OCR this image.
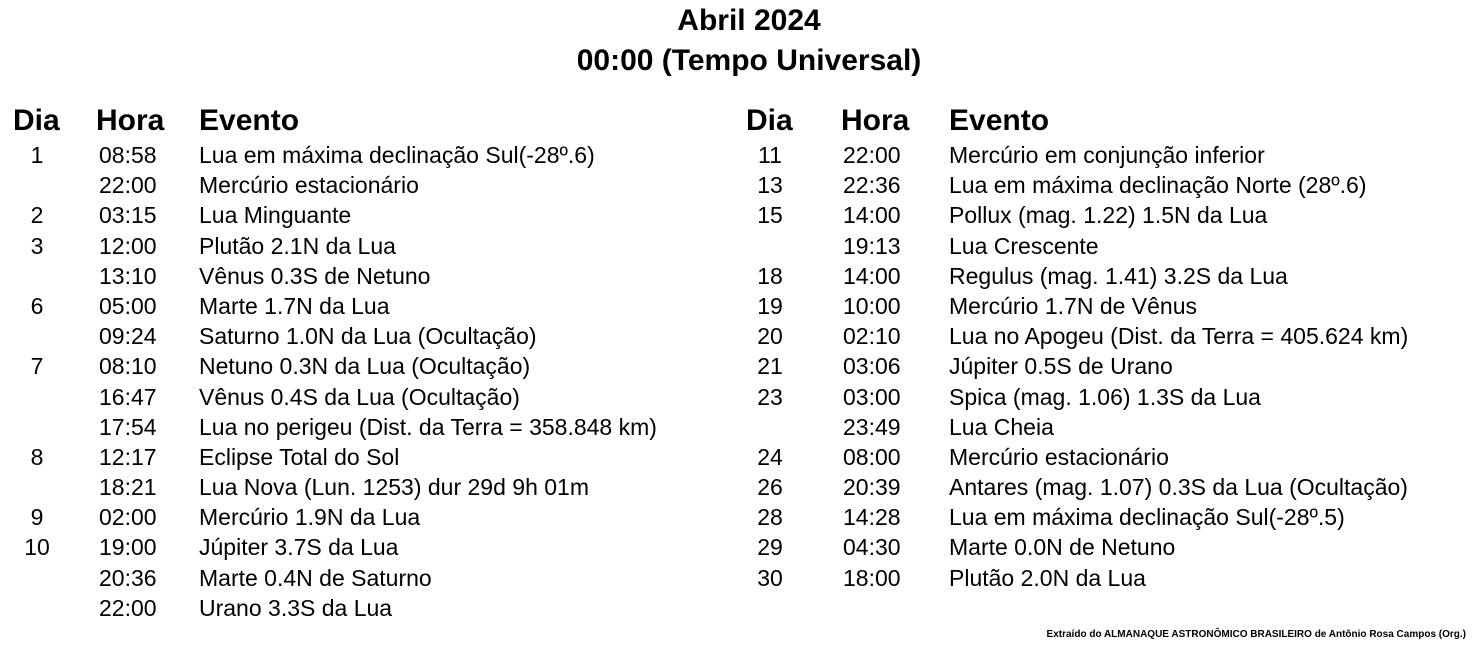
Abril 2024
00:00 (Tempo Universal)
Dia Hora Evento	Dia Hora Evento
1	08:58 Lua em máxima declinação Sul(-28º.6)
22:00 Mercúrio estacionário
2	03:15 Lua Minguante
3	12:00 Plutão 2.1N da Lua
13:10 Vênus 0.3S de Netuno
6	05:00 Marte 1.7N da Lua
09:24 Saturno 1.0N da Lua (Ocultação)
7	08:10 Netuno 0.3N da Lua (Ocultação)
16:47 Vênus 0.4S da Lua (Ocultação)
17:54 Lua no perigeu (Dist. da Terra = 358.848 km)
8	12:17 Eclipse Total do Sol
18:21 Lua Nova (Lun. 1253) dur 29d 9h 01m
9	02:00 Mercúrio 1.9N da Lua
10	19:00 Júpiter 3.7S da Lua
20:36 Marte 0.4N de Saturno
22:00 Urano 3.3S da Lua
11	22:00 Mercúrio em conjunção inferior
13	22:36 Lua em máxima declinação Norte (28º.6)
15	14:00 Pollux (mag. 1.22) 1.5N da Lua
19:13 Lua Crescente
18	14:00 Regulus (mag. 1.41) 3.2S da Lua
19	10:00 Mercúrio 1.7N de Vênus
20	02:10 Lua no Apogeu (Dist. da Terra = 405.624 km)
21	03:06 Júpiter 0.5S de Urano
23	03:00 Spica (mag. 1.06) 1.3S da Lua
23:49 Lua Cheia
24	08:00 Mercúrio estacionário
26	20:39 Antares (mag. 1.07) 0.3S da Lua (Ocultação)
28	14:28 Lua em máxima declinação Sul(-28º.5)
29	04:30 Marte 0.0N de Netuno
30	18:00 Plutão 2.0N da Lua
Extraído do ALMANAQUE ASTRONÔMICO BRASILEIRO de Antônio Rosa Campos (Org.)
